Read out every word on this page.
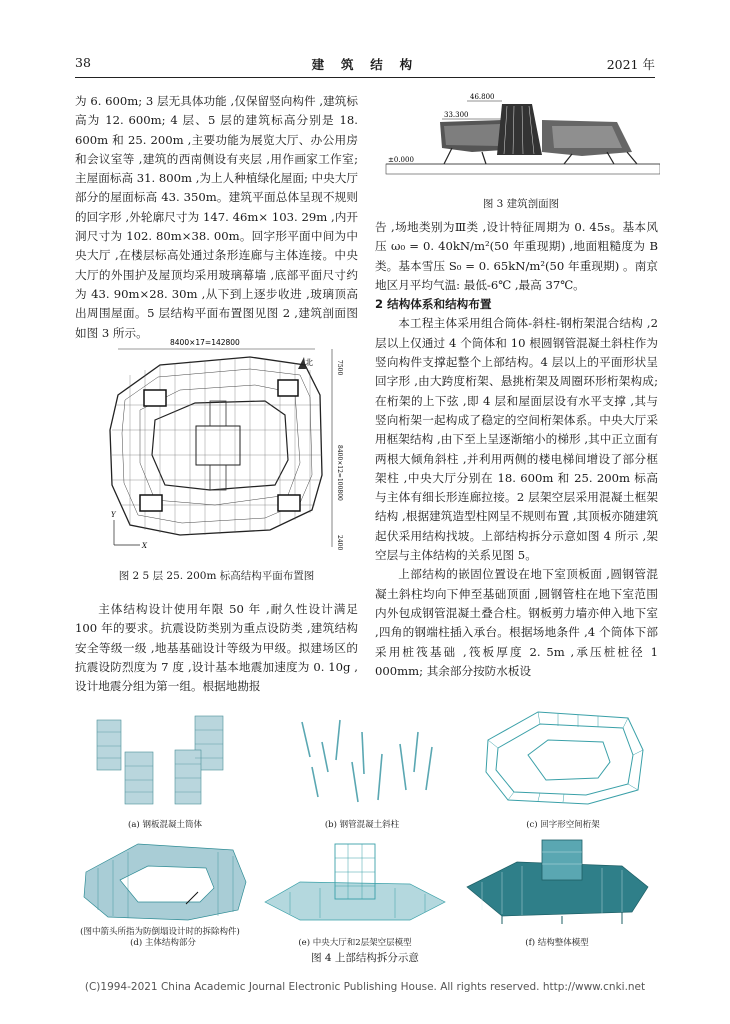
38	建 筑 结 构	2021 年

为 6. 600m; 3 层无具体功能 ,仅保留竖向构件 ,建筑标高为 12. 600m; 4 层、5 层的建筑标高分别是 18. 600m 和 25. 200m ,主要功能为展览大厅、办公用房和会议室等 ,建筑的西南侧设有夹层 ,用作画家工作室; 主屋面标高 31. 800m ,为上人种植绿化屋面; 中央大厅部分的屋面标高 43. 350m。建筑平面总体呈现不规则的回字形 ,外轮廓尺寸为 147. 46m× 103. 29m ,内开洞尺寸为 102. 80m×38. 00m。回字形平面中间为中央大厅 ,在楼层标高处通过条形连廊与主体连接。中央大厅的外围护及屋顶均采用玻璃幕墙 ,底部平面尺寸约为 43. 90m×28. 30m ,从下到上逐步收进 ,玻璃顶高出周围屋面。5 层结构平面布置图见图 2 ,建筑剖面图如图 3 所示。

8400×17=142800
7500
8400×12=100800
2400
北
X
Y
图 2 5 层 25. 200m 标高结构平面布置图

主体结构设计使用年限 50 年 ,耐久性设计满足 100 年的要求。抗震设防类别为重点设防类 ,建筑结构安全等级一级 ,地基基础设计等级为甲级。拟建场区的抗震设防烈度为 7 度 ,设计基本地震加速度为 0. 10g ,设计地震分组为第一组。根据地勘报

46.800
33.300
±0.000
图 3 建筑剖面图

告 ,场地类别为Ⅲ类 ,设计特征周期为 0. 45s。基本风压 ω₀ = 0. 40kN/m²(50 年重现期) ,地面粗糙度为 B 类。基本雪压 S₀ = 0. 65kN/m²(50 年重现期) 。南京地区月平均气温: 最低-6℃ ,最高 37℃。

2 结构体系和结构布置

本工程主体采用组合筒体-斜柱-钢桁架混合结构 ,2 层以上仅通过 4 个筒体和 10 根圆钢管混凝土斜柱作为竖向构件支撑起整个上部结构。4 层以上的平面形状呈回字形 ,由大跨度桁架、悬挑桁架及周圈环形桁架构成; 在桁架的上下弦 ,即 4 层和屋面层设有水平支撑 ,其与竖向桁架一起构成了稳定的空间桁架体系。中央大厅采用框架结构 ,由下至上呈逐渐缩小的梯形 ,其中正立面有两根大倾角斜柱 ,并利用两侧的楼电梯间增设了部分框架柱 ,中央大厅分别在 18. 600m 和 25. 200m 标高与主体有细长形连廊拉接。2 层架空层采用混凝土框架结构 ,根据建筑造型柱网呈不规则布置 ,其顶板亦随建筑起伏采用结构找坡。上部结构拆分示意如图 4 所示 ,架空层与主体结构的关系见图 5。

上部结构的嵌固位置设在地下室顶板面 ,圆钢管混凝土斜柱均向下伸至基础顶面 ,圆钢管柱在地下室范围内外包成钢管混凝土叠合柱。钢板剪力墙亦伸入地下室 ,四角的钢端柱插入承台。根据场地条件 ,4 个筒体下部采用桩筏基础 ,筏板厚度 2. 5m ,承压桩桩径 1 000mm; 其余部分按防水板设

(a) 钢板混凝土筒体	(b) 钢管混凝土斜柱	(c) 回字形空间桁架
(图中箭头所指为防倒塌设计时的拆除构件)
(d) 主体结构部分	(e) 中央大厅和2层架空层模型	(f) 结构整体模型
图 4 上部结构拆分示意
(C)1994-2021 China Academic Journal Electronic Publishing House. All rights reserved. http://www.cnki.net
